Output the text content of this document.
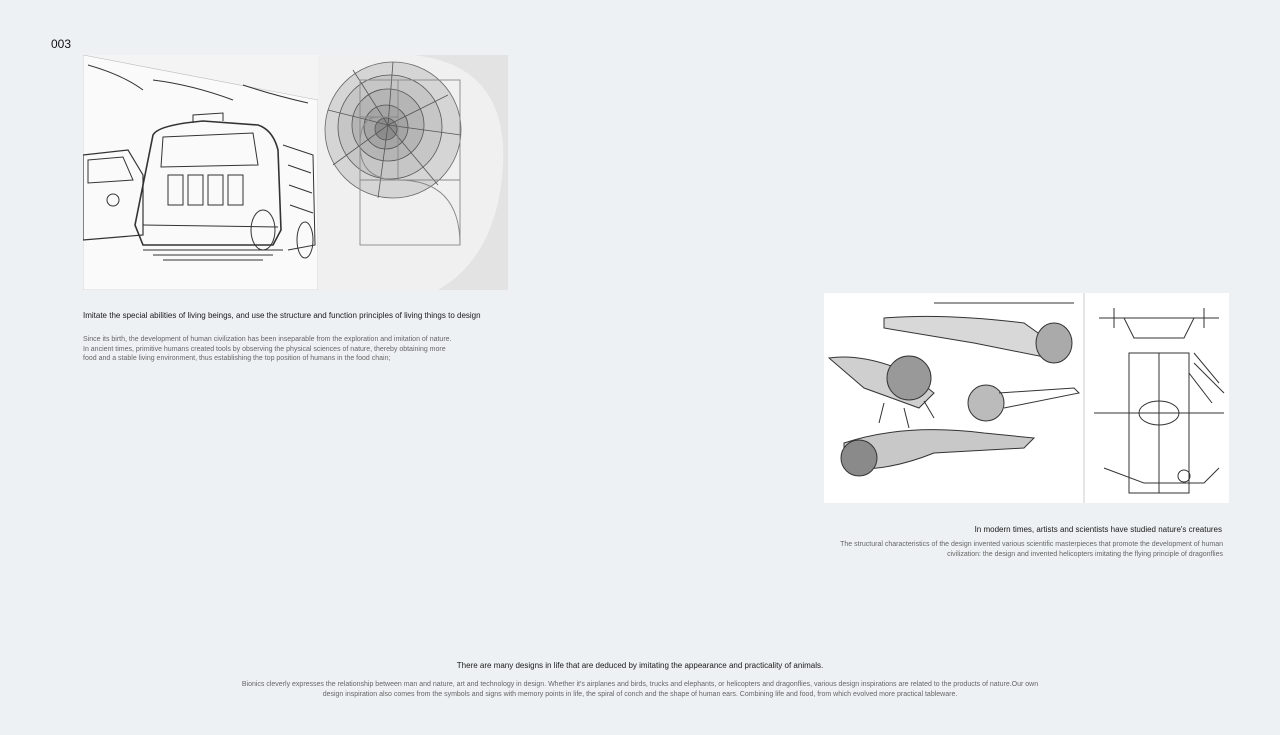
003
Imitate the special abilities of living beings, and use the structure and function principles of living things to design
Since its birth, the development of human civilization has been inseparable from the exploration and imitation of nature. In ancient times, primitive humans created tools by observing the physical sciences of nature, thereby obtaining more food and a stable living environment, thus establishing the top position of humans in the food chain;
In modern times, artists and scientists have studied nature's creatures
The structural characteristics of the design invented various scientific masterpieces that promote the development of human civilization: the design and invented helicopters imitating the flying principle of dragonflies
There are many designs in life that are deduced by imitating the appearance and practicality of animals.
Bionics cleverly expresses the relationship between man and nature, art and technology in design. Whether it's airplanes and birds, trucks and elephants, or helicopters and dragonflies, various design inspirations are related to the products of nature.Our own design inspiration also comes from the symbols and signs with memory points in life, the spiral of conch and the shape of human ears. Combining life and food, from which evolved more practical tableware.
